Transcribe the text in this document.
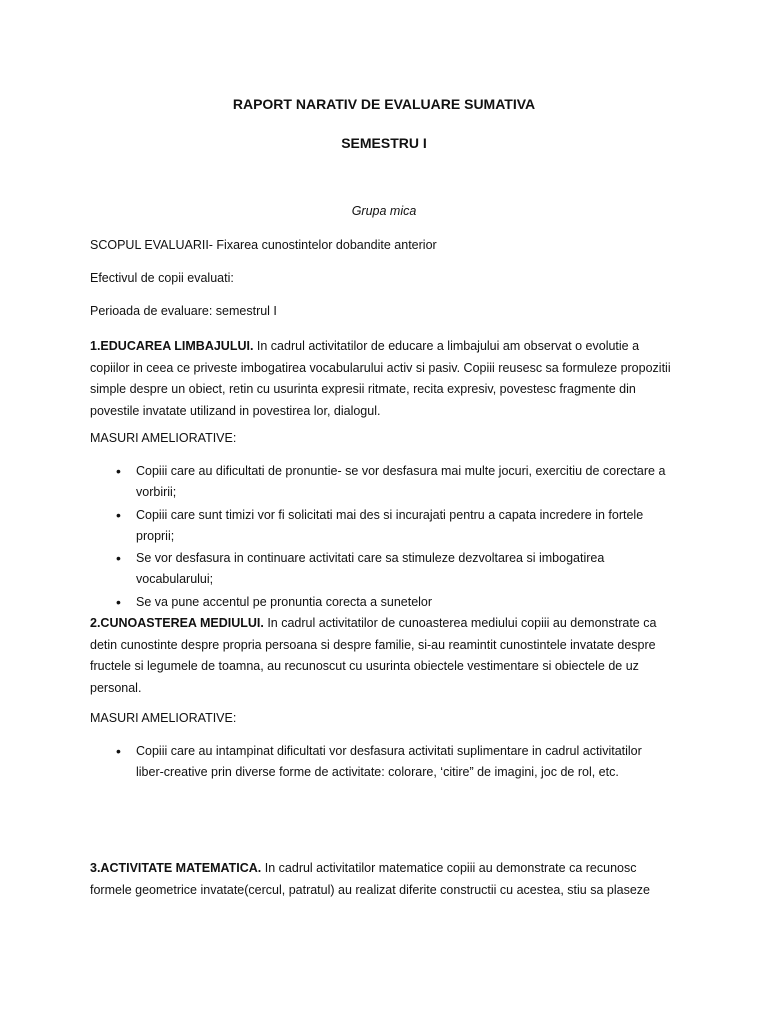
RAPORT NARATIV DE EVALUARE SUMATIVA

SEMESTRU I

Grupa mica

SCOPUL EVALUARII- Fixarea cunostintelor dobandite anterior

Efectivul de copii evaluati:

Perioada de evaluare: semestrul I

1.EDUCAREA LIMBAJULUI. In cadrul activitatilor de educare a limbajului am observat o evolutie a copiilor in ceea ce priveste imbogatirea vocabularului activ si pasiv. Copiii reusesc sa formuleze propozitii simple despre un obiect, retin cu usurinta expresii ritmate, recita expresiv, povestesc fragmente din povestile invatate utilizand in povestirea lor, dialogul.

MASURI AMELIORATIVE:

• Copiii care au dificultati de pronuntie- se vor desfasura mai multe jocuri, exercitiu de corectare a vorbirii;
• Copiii care sunt timizi vor fi solicitati mai des si incurajati pentru a capata incredere in fortele proprii;
• Se vor desfasura in continuare activitati care sa stimuleze dezvoltarea si imbogatirea vocabularului;
• Se va pune accentul pe pronuntia corecta a sunetelor

2.CUNOASTEREA MEDIULUI. In cadrul activitatilor de cunoasterea mediului copiii au demonstrate ca detin cunostinte despre propria persoana si despre familie, si-au reamintit cunostintele invatate despre fructele si legumele de toamna, au recunoscut cu usurinta obiectele vestimentare si obiectele de uz personal.

MASURI AMELIORATIVE:

• Copiii care au intampinat dificultati vor desfasura activitati suplimentare in cadrul activitatilor liber-creative prin diverse forme de activitate: colorare, ‘citire” de imagini, joc de rol, etc.

3.ACTIVITATE MATEMATICA. In cadrul activitatilor matematice copiii au demonstrate ca recunosc formele geometrice invatate(cercul, patratul) au realizat diferite constructii cu acestea, stiu sa plaseze
